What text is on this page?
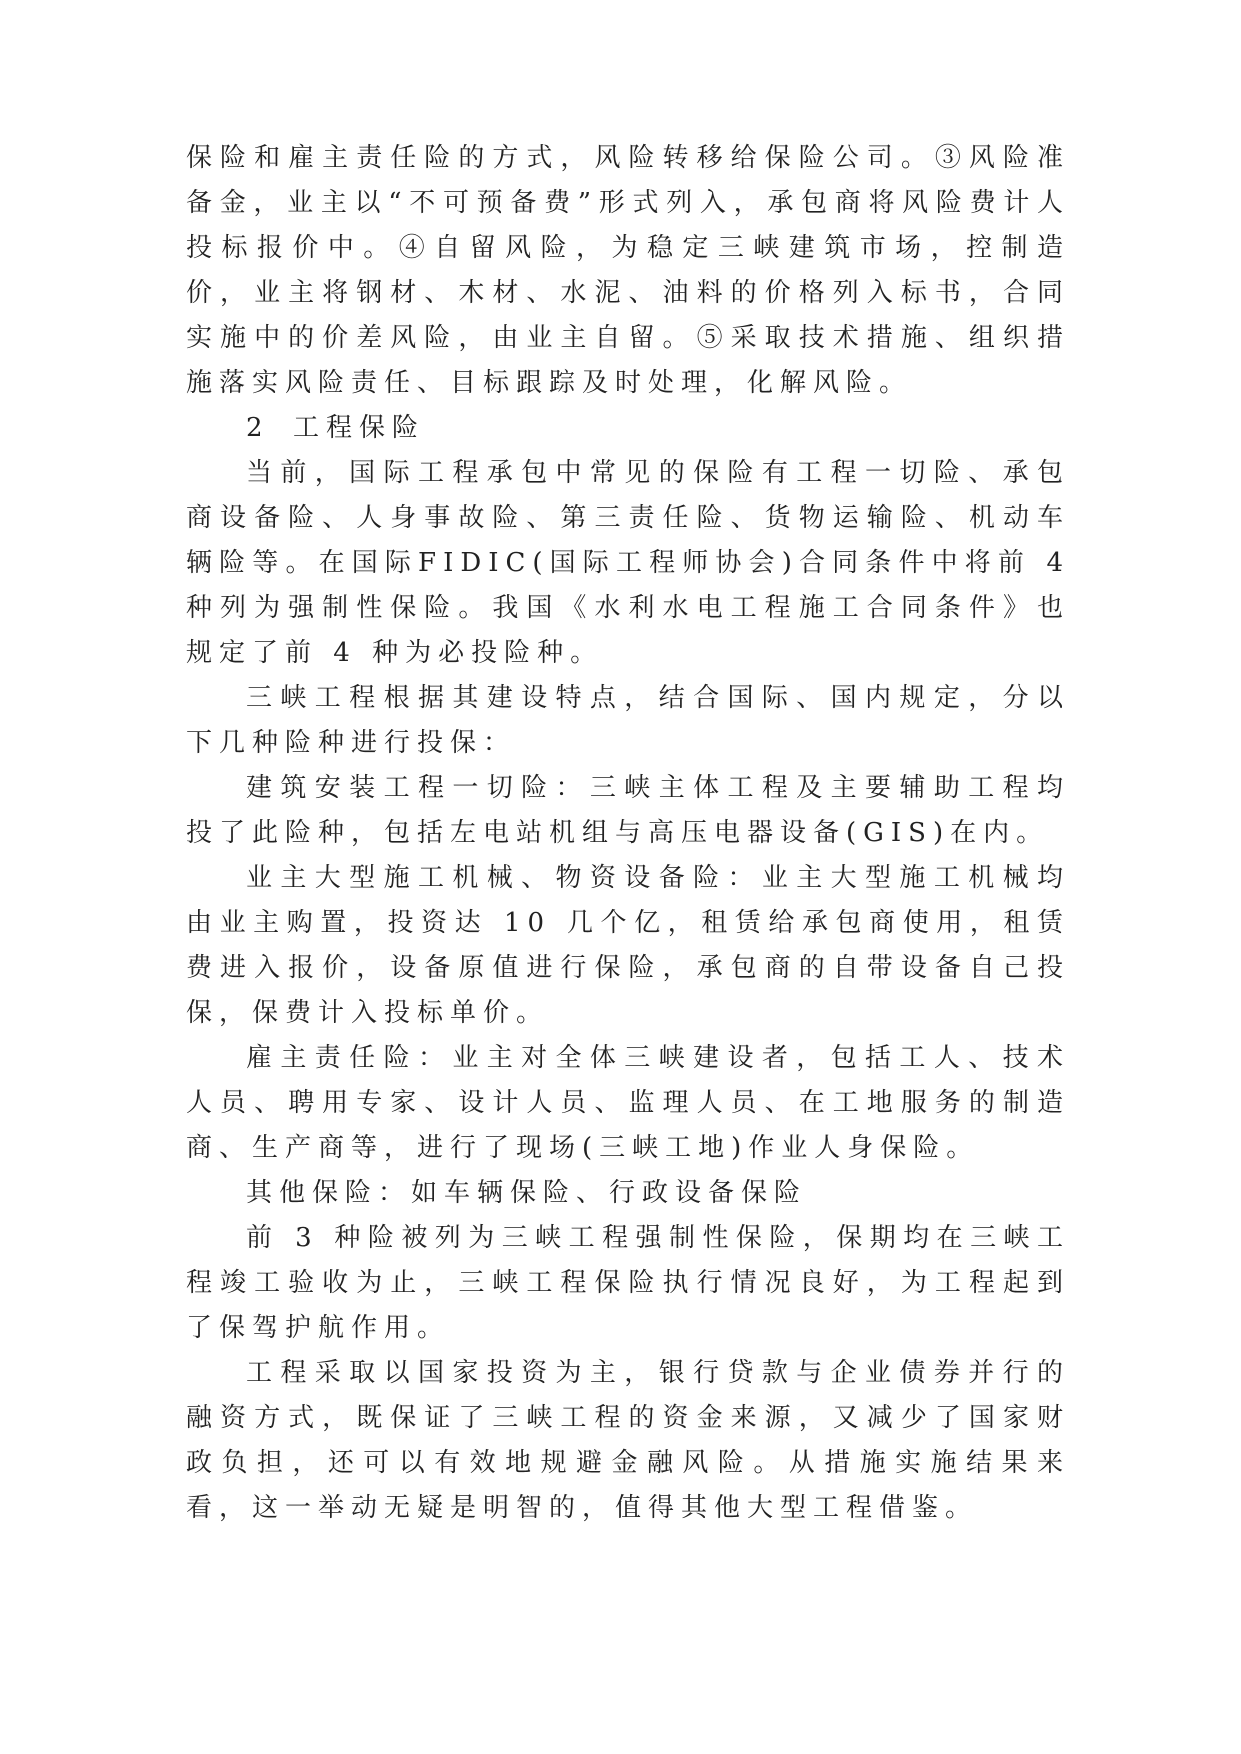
保险和雇主责任险的方式，风险转移给保险公司。③风险准备金，业主以“不可预备费”形式列入，承包商将风险费计人投标报价中。④自留风险，为稳定三峡建筑市场，控制造价，业主将钢材、木材、水泥、油料的价格列入标书，合同实施中的价差风险，由业主自留。⑤采取技术措施、组织措施落实风险责任、目标跟踪及时处理，化解风险。

2 工程保险

当前，国际工程承包中常见的保险有工程一切险、承包商设备险、人身事故险、第三责任险、货物运输险、机动车辆险等。在国际FIDIC(国际工程师协会)合同条件中将前 4 种列为强制性保险。我国《水利水电工程施工合同条件》也规定了前 4 种为必投险种。

三峡工程根据其建设特点，结合国际、国内规定，分以下几种险种进行投保：

建筑安装工程一切险：三峡主体工程及主要辅助工程均投了此险种，包括左电站机组与高压电器设备(GIS)在内。

业主大型施工机械、物资设备险：业主大型施工机械均由业主购置，投资达 10 几个亿，租赁给承包商使用，租赁费进入报价，设备原值进行保险，承包商的自带设备自己投保，保费计入投标单价。

雇主责任险：业主对全体三峡建设者，包括工人、技术人员、聘用专家、设计人员、监理人员、在工地服务的制造商、生产商等，进行了现场(三峡工地)作业人身保险。

其他保险：如车辆保险、行政设备保险

前 3 种险被列为三峡工程强制性保险，保期均在三峡工程竣工验收为止，三峡工程保险执行情况良好，为工程起到了保驾护航作用。

工程采取以国家投资为主，银行贷款与企业债券并行的融资方式，既保证了三峡工程的资金来源，又减少了国家财政负担，还可以有效地规避金融风险。从措施实施结果来看，这一举动无疑是明智的，值得其他大型工程借鉴。
